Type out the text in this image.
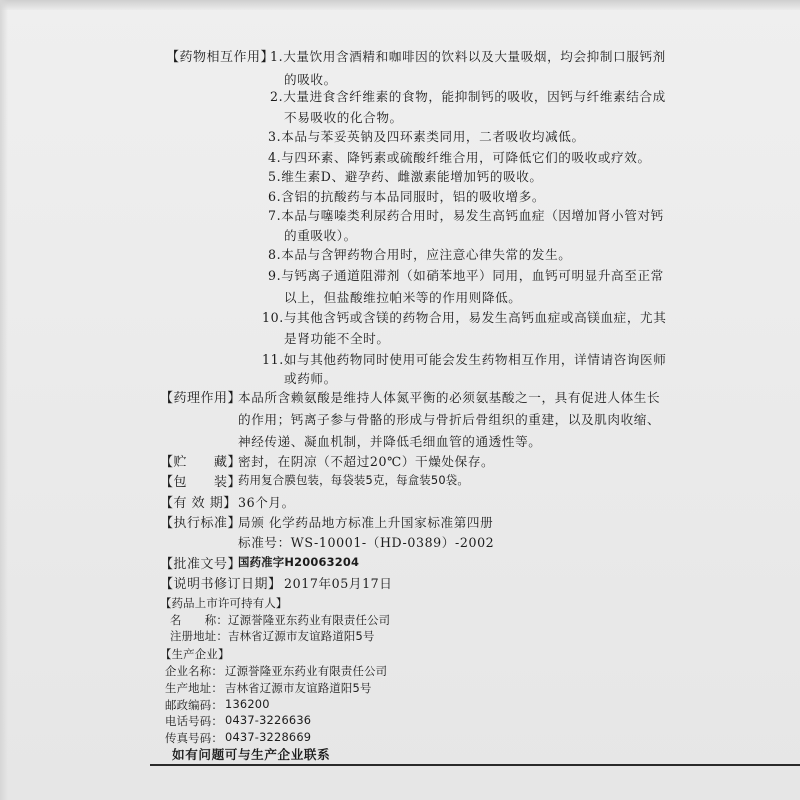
【药物相互作用】
1.大量饮用含酒精和咖啡因的饮料以及大量吸烟，均会抑制口服钙剂
的吸收。
2.大量进食含纤维素的食物，能抑制钙的吸收，因钙与纤维素结合成
不易吸收的化合物。
3.本品与苯妥英钠及四环素类同用，二者吸收均减低。
4.与四环素、降钙素或硫酸纤维合用，可降低它们的吸收或疗效。
5.维生素D、避孕药、雌激素能增加钙的吸收。
6.含铝的抗酸药与本品同服时，铝的吸收增多。
7.本品与噻嗪类利尿药合用时，易发生高钙血症（因增加肾小管对钙
的重吸收）。
8.本品与含钾药物合用时，应注意心律失常的发生。
9.与钙离子通道阻滞剂（如硝苯地平）同用，血钙可明显升高至正常
以上，但盐酸维拉帕米等的作用则降低。
10.与其他含钙或含镁的药物合用，易发生高钙血症或高镁血症，尤其
是肾功能不全时。
11.如与其他药物同时使用可能会发生药物相互作用，详情请咨询医师
或药师。
【药理作用】
本品所含赖氨酸是维持人体氮平衡的必须氨基酸之一，具有促进人体生长
的作用；钙离子参与骨骼的形成与骨折后骨组织的重建，以及肌肉收缩、
神经传递、凝血机制，并降低毛细血管的通透性等。
【贮　　藏】
密封，在阴凉（不超过20℃）干燥处保存。
【包　　装】
药用复合膜包装，每袋装5克，每盒装50袋。
【有 效 期】 36个月。
【执行标准】
局颁 化学药品地方标准上升国家标准第四册
标准号：WS-10001-（HD-0389）-2002
【批准文号】
国药准字H20063204
【说明书修订日期】 2017年05月17日
【药品上市许可持有人】
名　　称： 辽源誉隆亚东药业有限责任公司
注册地址： 吉林省辽源市友谊路道阳5号
【生产企业】
企业名称： 辽源誉隆亚东药业有限责任公司
生产地址： 吉林省辽源市友谊路道阳5号
邮政编码： 136200
电话号码： 0437-3226636
传真号码： 0437-3228669
如有问题可与生产企业联系
